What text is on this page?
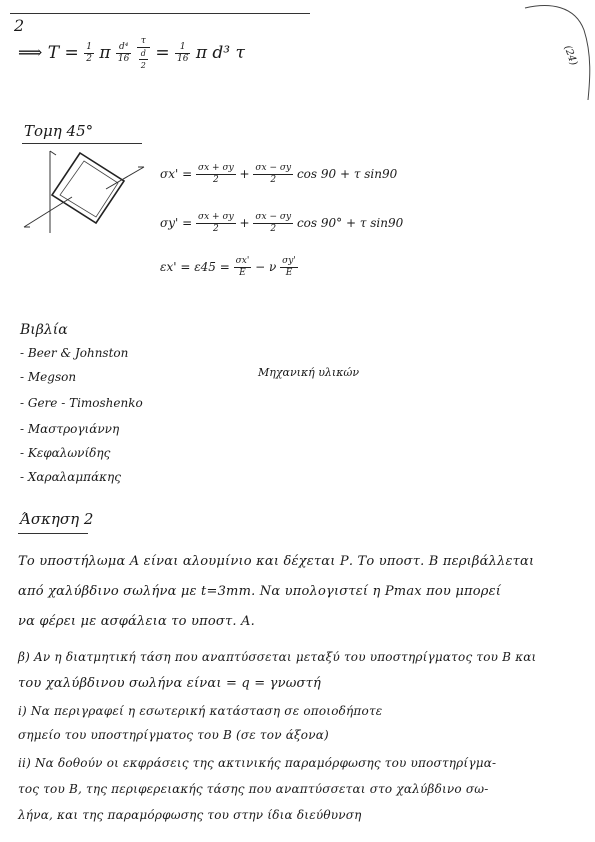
2
(24)
⟹ $T = \frac{1}{2}$ π $\frac{\text{d⁴}}{16}$
$\frac{\tau}{\frac{d}{2}} = \frac{1}{16}$ π d³ τ
Τομη 45°
$\sigma x' = \frac{\sigma x + \sigma y}{2} + \frac{\sigma x - \sigma y}{2}$ cos 90 + τ sin90
$\sigma y' = \frac{\sigma x + \sigma y}{2} + \frac{\sigma x - \sigma y}{2}$ cos 90° + τ sin90
$\varepsilon x' = \varepsilon 45 = \frac{\sigma x'}{E} - \nu \frac{\sigma y'}{E}$
Βιβλία
- Beer & Johnston
- Megson
- Gere - Timoshenko
- Μαστρογιάννη
- Κεφαλωνίδης
- Χαραλαμπάκης
Μηχανική υλικών
Άσκηση 2
Το υποστήλωμα Α είναι αλουμίνιο και δέχεται Ρ. Το υποστ. Β περιβάλλεται
από χαλύβδινο σωλήνα με t=3mm. Να υπολογιστεί η Pmax που μπορεί
να φέρει με ασφάλεια το υποστ. Α.
β) Αν η διατμητική τάση που αναπτύσσεται μεταξύ του υποστηρίγματος του Β και
του χαλύβδινου σωλήνα είναι = q = γνωστή
i) Να περιγραφεί η εσωτερική κατάσταση σε οποιοδήποτε
σημείο του υποστηρίγματος του Β (σε τον άξονα)
ii) Να δοθούν οι εκφράσεις της ακτινικής παραμόρφωσης του υποστηρίγμα-
τος του Β, της περιφερειακής τάσης που αναπτύσσεται στο χαλύβδινο σω-
λήνα, και της παραμόρφωσης του στην ίδια διεύθυνση
